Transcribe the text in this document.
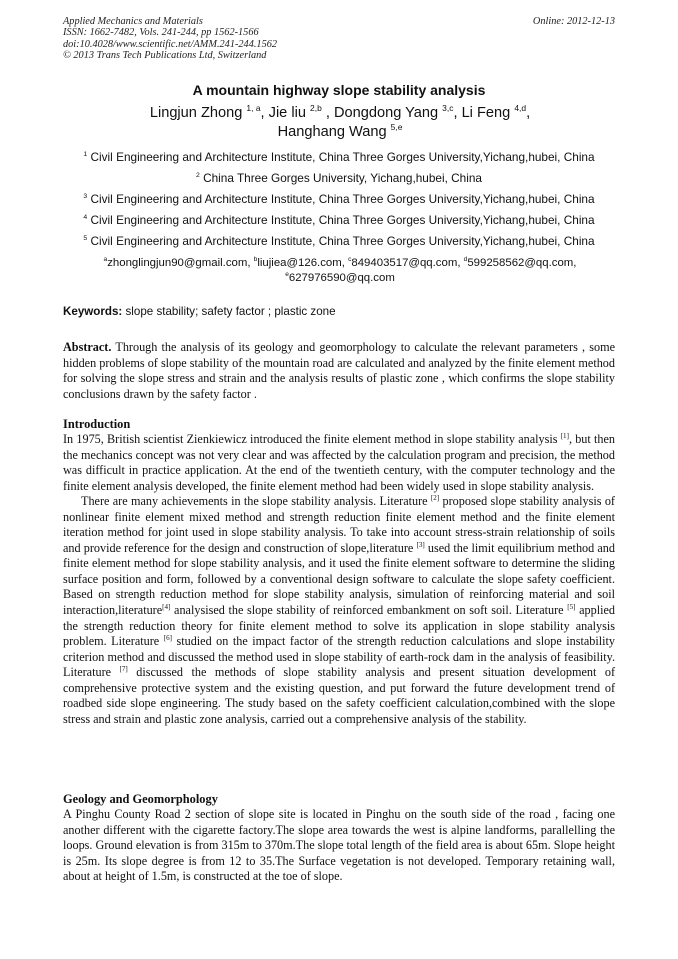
Applied Mechanics and Materials
ISSN: 1662-7482, Vols. 241-244, pp 1562-1566
doi:10.4028/www.scientific.net/AMM.241-244.1562
© 2013 Trans Tech Publications Ltd, Switzerland
Online: 2012-12-13
A mountain highway slope stability analysis
Lingjun Zhong $^{1, a}$, Jie liu $^{2,b}$ , Dongdong Yang $^{3,c}$, Li Feng $^{4,d}$,
Hanghang Wang $^{5,e}$
$^1$ Civil Engineering and Architecture Institute, China Three Gorges University,Yichang,hubei, China
$^2$ China Three Gorges University, Yichang,hubei, China
$^3$ Civil Engineering and Architecture Institute, China Three Gorges University,Yichang,hubei, China
$^4$ Civil Engineering and Architecture Institute, China Three Gorges University,Yichang,hubei, China
$^5$ Civil Engineering and Architecture Institute, China Three Gorges University,Yichang,hubei, China
$^a$zhonglingjun90@gmail.com, $^b$liujiea@126.com, $^c$849403517@qq.com, $^d$599258562@qq.com,
$^e$627976590@qq.com
Keywords: slope stability; safety factor ; plastic zone

Abstract. Through the analysis of its geology and geomorphology to calculate the relevant parameters , some hidden problems of slope stability of the mountain road are calculated and analyzed by the finite element method for solving the slope stress and strain and the analysis results of plastic zone , which confirms the slope stability conclusions drawn by the safety factor .

Introduction

In 1975, British scientist Zienkiewicz introduced the finite element method in slope stability analysis [1], but then the mechanics concept was not very clear and was affected by the calculation program and precision, the method was difficult in practice application. At the end of the twentieth century, with the computer technology and the finite element analysis developed, the finite element method had been widely used in slope stability analysis.

There are many achievements in the slope stability analysis. Literature [2] proposed slope stability analysis of nonlinear finite element mixed method and strength reduction finite element method and the finite element iteration method for joint used in slope stability analysis. To take into account stress-strain relationship of soils and provide reference for the design and construction of slope,literature [3] used the limit equilibrium method and finite element method for slope stability analysis, and it used the finite element software to determine the sliding surface position and form, followed by a conventional design software to calculate the slope safety coefficient. Based on strength reduction method for slope stability analysis, simulation of reinforcing material and soil interaction,literature[4] analysised the slope stability of reinforced embankment on soft soil. Literature [5] applied the strength reduction theory for finite element method to solve its application in slope stability analysis problem. Literature [6] studied on the impact factor of the strength reduction calculations and slope instability criterion method and discussed the method used in slope stability of earth-rock dam in the analysis of feasibility. Literature [7] discussed the methods of slope stability analysis and present situation development of comprehensive protective system and the existing question, and put forward the future development trend of roadbed side slope engineering. The study based on the safety coefficient calculation,combined with the slope stress and strain and plastic zone analysis, carried out a comprehensive analysis of the stability.

Geology and Geomorphology

A Pinghu County Road 2 section of slope site is located in Pinghu on the south side of the road , facing one another different with the cigarette factory.The slope area towards the west is alpine landforms, parallelling the loops. Ground elevation is from 315m to 370m.The slope total length of the field area is about 65m. Slope height is 25m. Its slope degree is from 12 to 35.The Surface vegetation is not developed. Temporary retaining wall, about at height of 1.5m, is constructed at the toe of slope.
